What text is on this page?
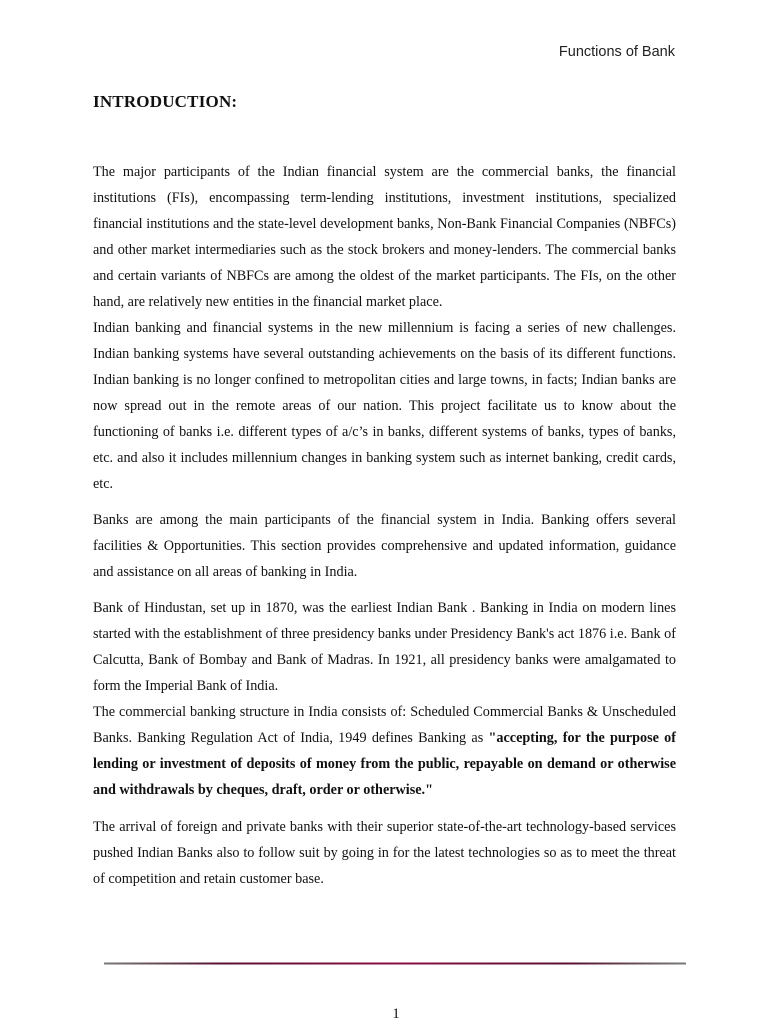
Functions of Bank
INTRODUCTION:

The major participants of the Indian financial system are the commercial banks, the financial institutions (FIs), encompassing term-lending institutions, investment institutions, specialized financial institutions and the state-level development banks, Non-Bank Financial Companies (NBFCs) and other market intermediaries such as the stock brokers and money-lenders. The commercial banks and certain variants of NBFCs are among the oldest of the market participants. The FIs, on the other hand, are relatively new entities in the financial market place.

Indian banking and financial systems in the new millennium is facing a series of new challenges. Indian banking systems have several outstanding achievements on the basis of its different functions. Indian banking is no longer confined to metropolitan cities and large towns, in facts; Indian banks are now spread out in the remote areas of our nation. This project facilitate us to know about the functioning of banks i.e. different types of a/c’s in banks, different systems of banks, types of banks, etc. and also it includes millennium changes in banking system such as internet banking, credit cards, etc.

Banks are among the main participants of the financial system in India. Banking offers several facilities & Opportunities. This section provides comprehensive and updated information, guidance and assistance on all areas of banking in India.

Bank of Hindustan, set up in 1870, was the earliest Indian Bank . Banking in India on modern lines started with the establishment of three presidency banks under Presidency Bank's act 1876 i.e. Bank of Calcutta, Bank of Bombay and Bank of Madras. In 1921, all presidency banks were amalgamated to form the Imperial Bank of India.

The commercial banking structure in India consists of: Scheduled Commercial Banks & Unscheduled Banks. Banking Regulation Act of India, 1949 defines Banking as "accepting, for the purpose of lending or investment of deposits of money from the public, repayable on demand or otherwise and withdrawals by cheques, draft, order or otherwise."

The arrival of foreign and private banks with their superior state-of-the-art technology-based services pushed Indian Banks also to follow suit by going in for the latest technologies so as to meet the threat of competition and retain customer base.

1
